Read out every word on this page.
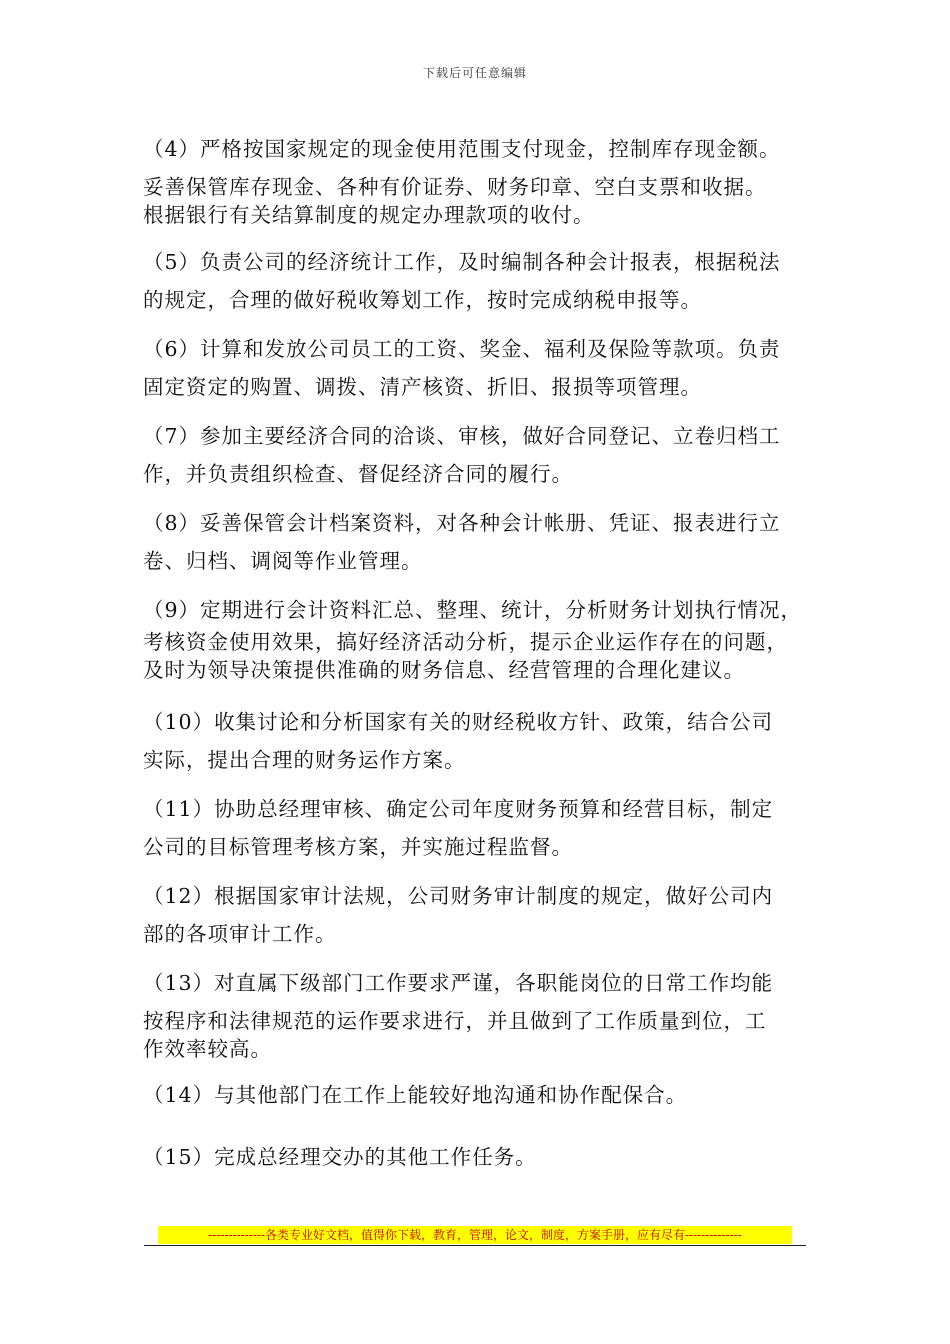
下载后可任意编辑
（4）严格按国家规定的现金使用范围支付现金，控制库存现金额。
妥善保管库存现金、各种有价证券、财务印章、空白支票和收据。
根据银行有关结算制度的规定办理款项的收付。
（5）负责公司的经济统计工作，及时编制各种会计报表，根据税法
的规定，合理的做好税收筹划工作，按时完成纳税申报等。
（6）计算和发放公司员工的工资、奖金、福利及保险等款项。负责
固定资定的购置、调拨、清产核资、折旧、报损等项管理。
（7）参加主要经济合同的洽谈、审核，做好合同登记、立卷归档工
作，并负责组织检查、督促经济合同的履行。
（8）妥善保管会计档案资料，对各种会计帐册、凭证、报表进行立
卷、归档、调阅等作业管理。
（9）定期进行会计资料汇总、整理、统计，分析财务计划执行情况，
考核资金使用效果，搞好经济活动分析，提示企业运作存在的问题，
及时为领导决策提供准确的财务信息、经营管理的合理化建议。
（10）收集讨论和分析国家有关的财经税收方针、政策，结合公司
实际，提出合理的财务运作方案。
（11）协助总经理审核、确定公司年度财务预算和经营目标，制定
公司的目标管理考核方案，并实施过程监督。
（12）根据国家审计法规，公司财务审计制度的规定，做好公司内
部的各项审计工作。
（13）对直属下级部门工作要求严谨，各职能岗位的日常工作均能
按程序和法律规范的运作要求进行，并且做到了工作质量到位，工
作效率较高。
（14）与其他部门在工作上能较好地沟通和协作配保合。
（15）完成总经理交办的其他工作任务。
--------------各类专业好文档，值得你下载，教育，管理，论文，制度，方案手册，应有尽有--------------
